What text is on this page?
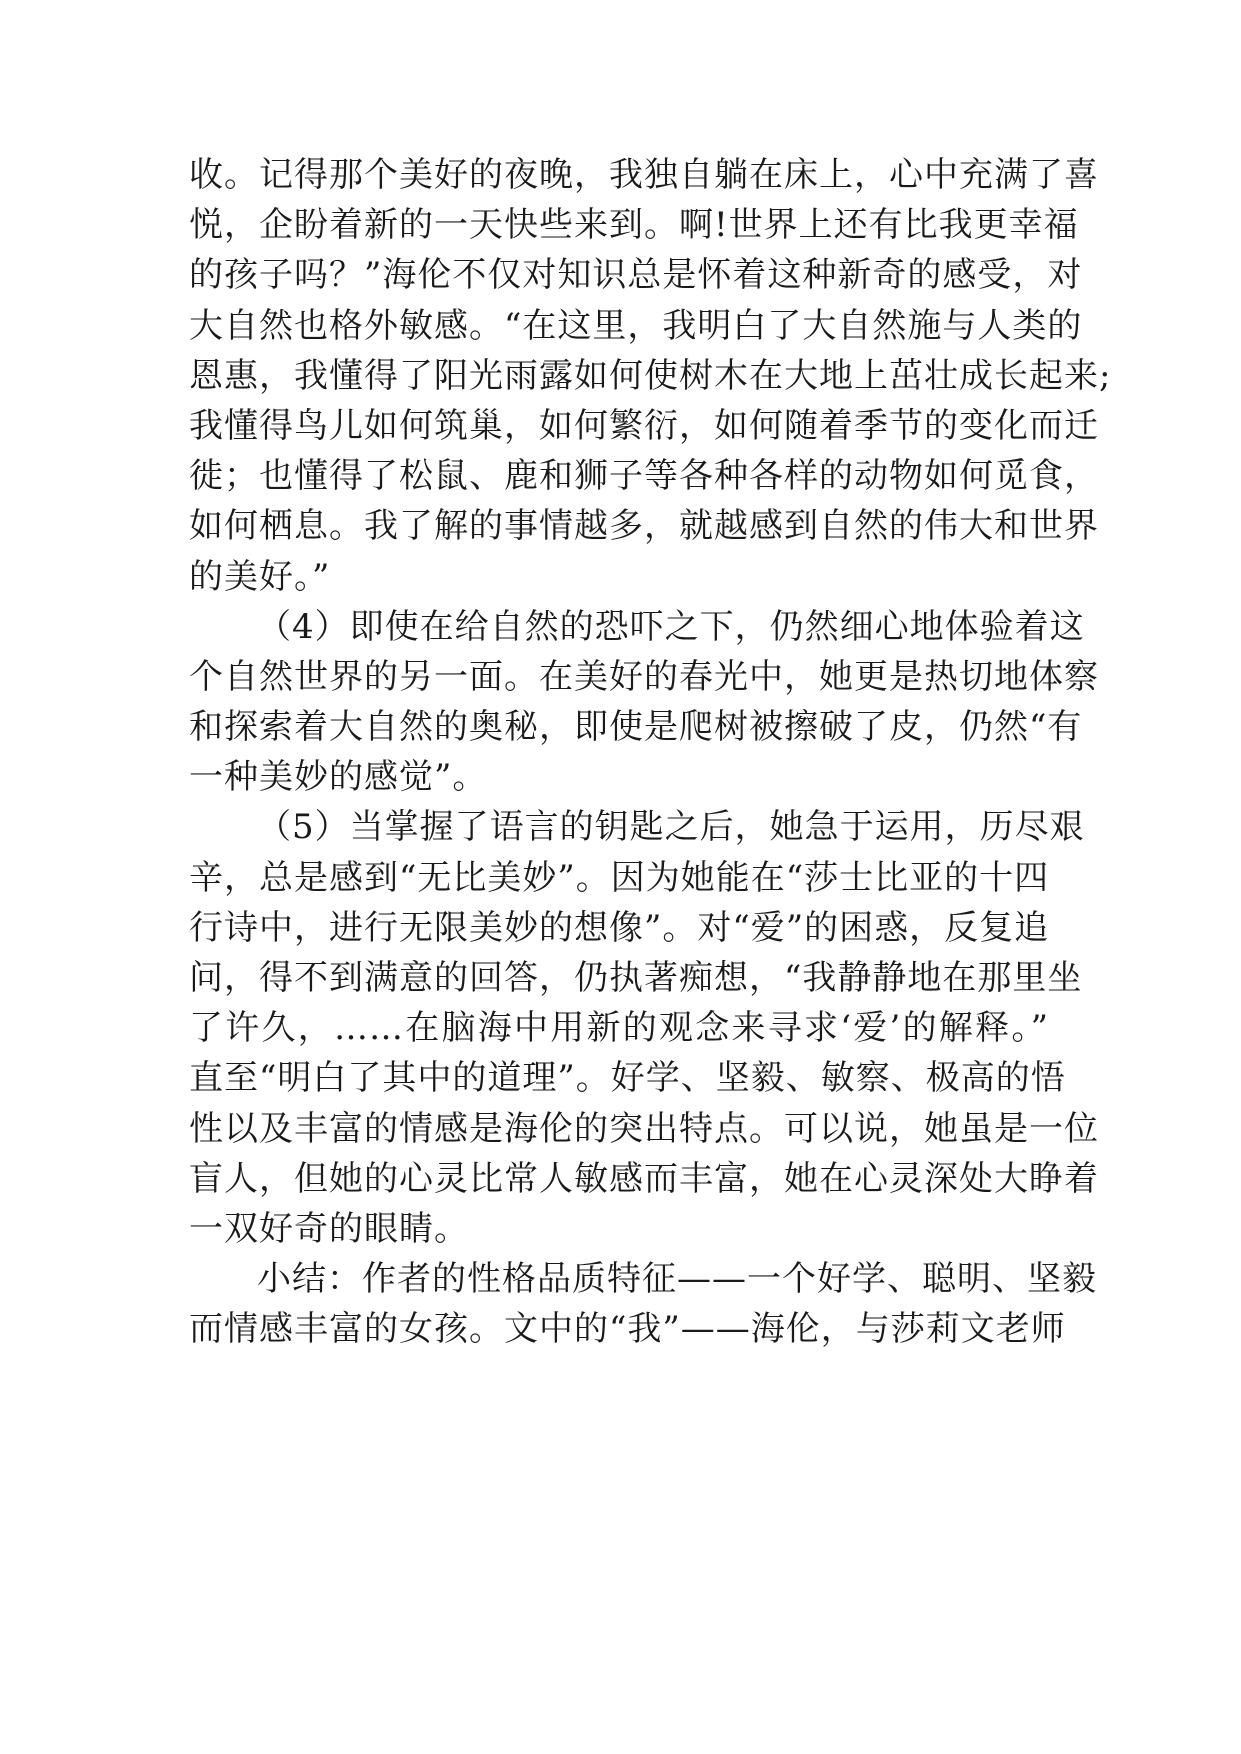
收。记得那个美好的夜晚，我独自躺在床上，心中充满了喜
悦，企盼着新的一天快些来到。啊!世界上还有比我更幸福
的孩子吗？”海伦不仅对知识总是怀着这种新奇的感受，对
大自然也格外敏感。“在这里，我明白了大自然施与人类的
恩惠，我懂得了阳光雨露如何使树木在大地上茁壮成长起来;
我懂得鸟儿如何筑巢，如何繁衍，如何随着季节的变化而迁
徙；也懂得了松鼠、鹿和狮子等各种各样的动物如何觅食，
如何栖息。我了解的事情越多，就越感到自然的伟大和世界
的美好。”
（4）即使在给自然的恐吓之下，仍然细心地体验着这
个自然世界的另一面。在美好的春光中，她更是热切地体察
和探索着大自然的奥秘，即使是爬树被擦破了皮，仍然“有
一种美妙的感觉”。
（5）当掌握了语言的钥匙之后，她急于运用，历尽艰
辛，总是感到“无比美妙”。因为她能在“莎士比亚的十四
行诗中，进行无限美妙的想像”。对“爱”的困惑，反复追
问，得不到满意的回答，仍执著痴想，“我静静地在那里坐
了许久，……在脑海中用新的观念来寻求‘爱’的解释。”
直至“明白了其中的道理”。好学、坚毅、敏察、极高的悟
性以及丰富的情感是海伦的突出特点。可以说，她虽是一位
盲人，但她的心灵比常人敏感而丰富，她在心灵深处大睁着
一双好奇的眼睛。
小结：作者的性格品质特征——一个好学、聪明、坚毅
而情感丰富的女孩。文中的“我”——海伦，与莎莉文老师
